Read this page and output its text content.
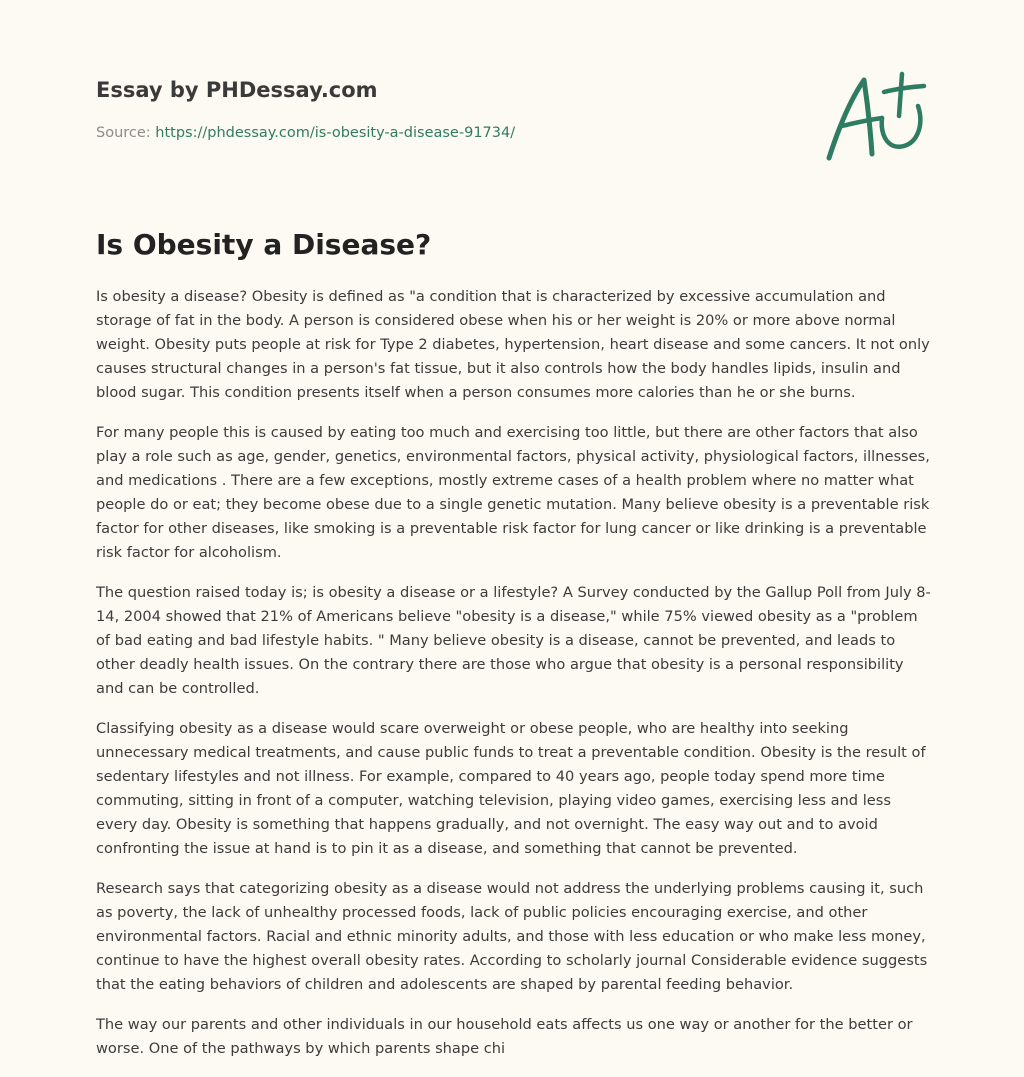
Essay by PHDessay.com
Source: https://phdessay.com/is-obesity-a-disease-91734/
Is Obesity a Disease?

Is obesity a disease? Obesity is defined as "a condition that is characterized by excessive accumulation and storage of fat in the body. A person is considered obese when his or her weight is 20% or more above normal weight. Obesity puts people at risk for Type 2 diabetes, hypertension, heart disease and some cancers. It not only causes structural changes in a person's fat tissue, but it also controls how the body handles lipids, insulin and blood sugar. This condition presents itself when a person consumes more calories than he or she burns.

For many people this is caused by eating too much and exercising too little, but there are other factors that also play a role such as age, gender, genetics, environmental factors, physical activity, physiological factors, illnesses, and medications . There are a few exceptions, mostly extreme cases of a health problem where no matter what people do or eat; they become obese due to a single genetic mutation. Many believe obesity is a preventable risk factor for other diseases, like smoking is a preventable risk factor for lung cancer or like drinking is a preventable risk factor for alcoholism.

The question raised today is; is obesity a disease or a lifestyle? A Survey conducted by the Gallup Poll from July 8-14, 2004 showed that 21% of Americans believe "obesity is a disease," while 75% viewed obesity as a "problem of bad eating and bad lifestyle habits. " Many believe obesity is a disease, cannot be prevented, and leads to other deadly health issues. On the contrary there are those who argue that obesity is a personal responsibility and can be controlled.

Classifying obesity as a disease would scare overweight or obese people, who are healthy into seeking unnecessary medical treatments, and cause public funds to treat a preventable condition. Obesity is the result of sedentary lifestyles and not illness. For example, compared to 40 years ago, people today spend more time commuting, sitting in front of a computer, watching television, playing video games, exercising less and less every day. Obesity is something that happens gradually, and not overnight. The easy way out and to avoid confronting the issue at hand is to pin it as a disease, and something that cannot be prevented.

Research says that categorizing obesity as a disease would not address the underlying problems causing it, such as poverty, the lack of unhealthy processed foods, lack of public policies encouraging exercise, and other environmental factors. Racial and ethnic minority adults, and those with less education or who make less money, continue to have the highest overall obesity rates. According to scholarly journal Considerable evidence suggests that the eating behaviors of children and adolescents are shaped by parental feeding behavior.

The way our parents and other individuals in our household eats affects us one way or another for the better or worse. One of the pathways by which parents shape chi
